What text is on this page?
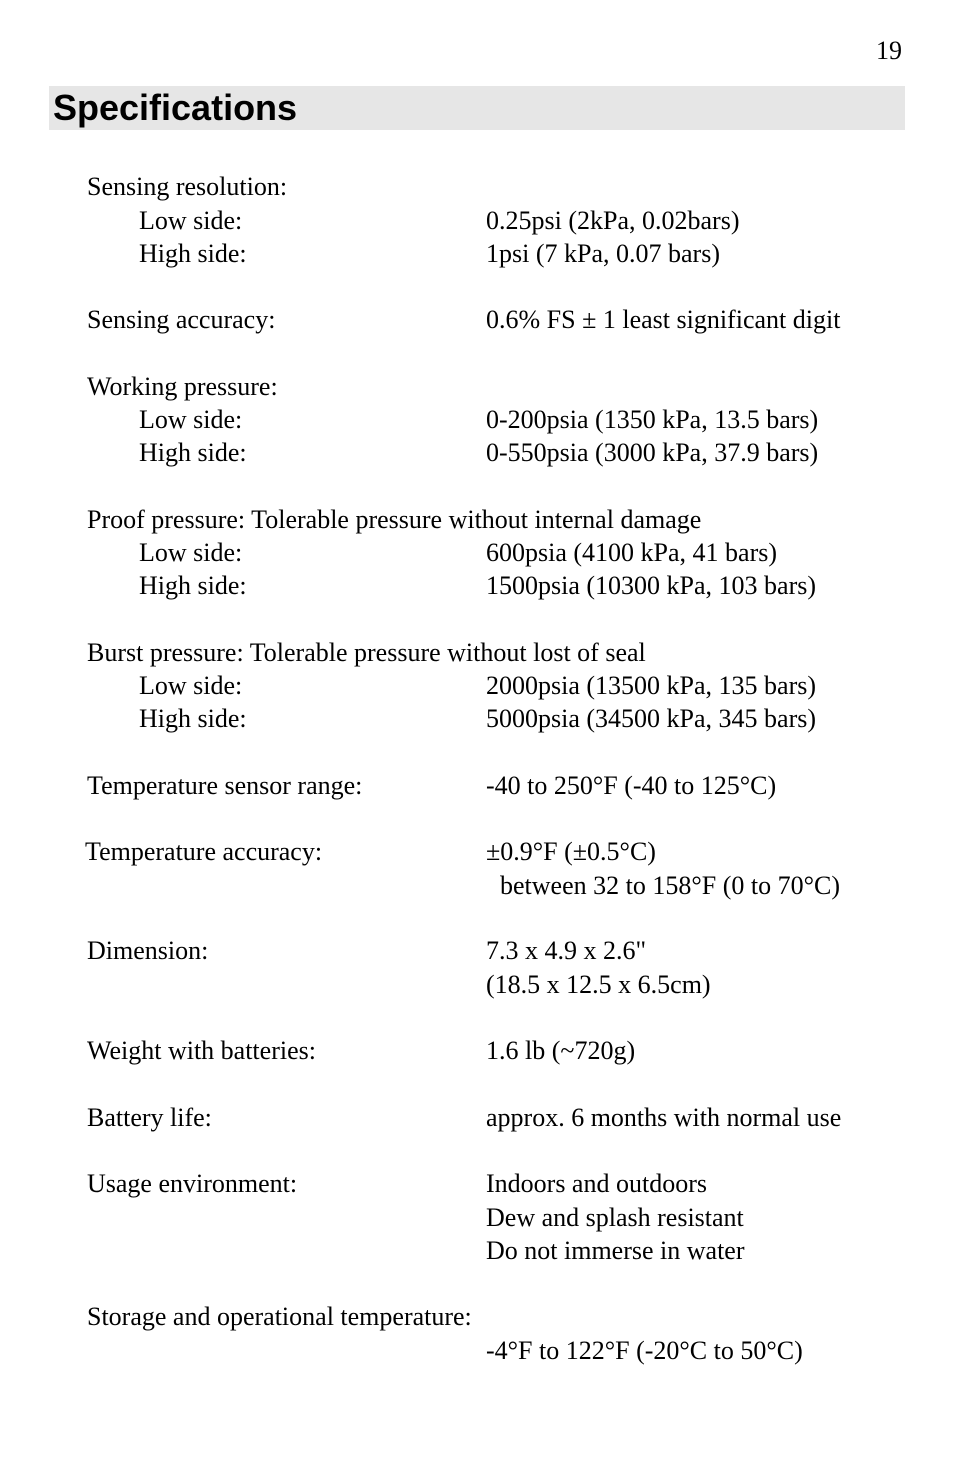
19
Specifications
Sensing resolution:
Low side:	0.25psi (2kPa, 0.02bars)
High side:	1psi (7 kPa, 0.07 bars)
Sensing accuracy:	0.6% FS ± 1 least significant digit
Working pressure:
Low side:	0-200psia (1350 kPa, 13.5 bars)
High side:	0-550psia (3000 kPa, 37.9 bars)
Proof pressure: Tolerable pressure without internal damage
Low side:	600psia (4100 kPa, 41 bars)
High side:	1500psia (10300 kPa, 103 bars)
Burst pressure: Tolerable pressure without lost of seal
Low side:	2000psia (13500 kPa, 135 bars)
High side:	5000psia (34500 kPa, 345 bars)
Temperature sensor range:	-40 to 250°F (-40 to 125°C)
Temperature accuracy:	±0.9°F (±0.5°C)
between 32 to 158°F (0 to 70°C)
Dimension:	7.3 x 4.9 x 2.6"
(18.5 x 12.5 x 6.5cm)
Weight with batteries:	1.6 lb (~720g)
Battery life:	approx. 6 months with normal use
Usage environment:	Indoors and outdoors
Dew and splash resistant
Do not immerse in water
Storage and operational temperature:
-4°F to 122°F (-20°C to 50°C)
